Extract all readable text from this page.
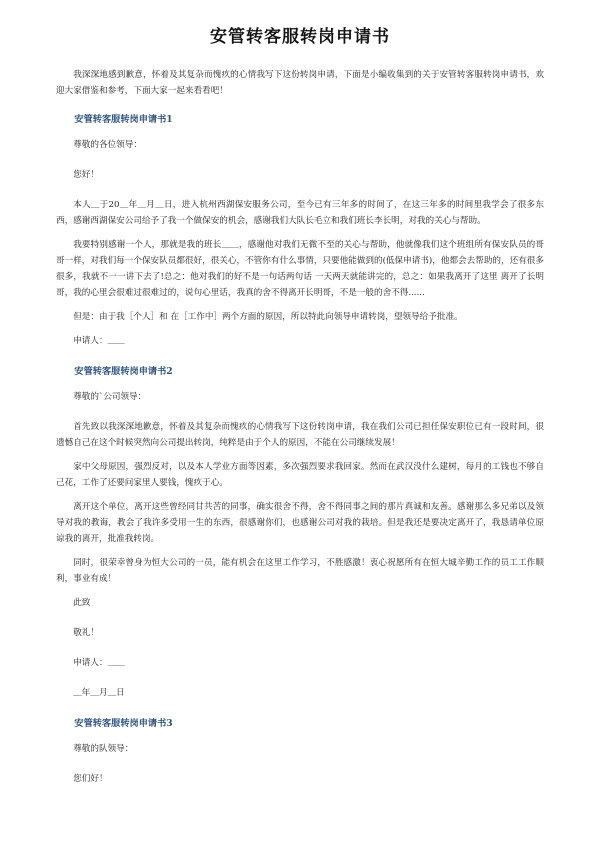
安管转客服转岗申请书

我深深地感到歉意，怀着及其复杂而愧疚的心情我写下这份转岗申请，下面是小编收集到的关于安管转客服转岗申请书，欢迎大家借鉴和参考，下面大家一起来看看吧！

安管转客服转岗申请书1
尊敬的各位领导：
您好！

本人＿于20＿年＿月＿日，进入杭州西湖保安服务公司，至今已有三年多的时间了，在这三年多的时间里我学会了很多东西，感谢西湖保安公司给予了我一个做保安的机会，感谢我们大队长毛立和我们班长李长明，对我的关心与帮助。

我要特别感谢一个人，那就是我的班长＿＿，感谢他对我们无微不至的关心与帮助，他就像我们这个班组所有保安队员的哥哥一样，对我们每一个保安队员都很好，很关心，不管你有什么事情，只要他能做到的(低保申请书)，他都会去帮助的，还有很多很多，我就不一一讲下去了!总之：他对我们的好不是一句话两句话 一天两天就能讲完的，总之：如果我离开了这里 离开了长明哥，我的心里会很难过很难过的，说句心里话，我真的舍不得离开长明哥，不是一般的舍不得......

但是：由于我［个人］和 在［工作中］两个方面的原因，所以特此向领导申请转岗，望领导给予批准。

申请人：＿＿
安管转客服转岗申请书2
尊敬的`公司领导：

首先致以我深深地歉意，怀着及其复杂而愧疚的心情我写下这份转岗申请，我在我们公司已担任保安职位已有一段时间，很遗憾自己在这个时候突然向公司提出转岗，纯粹是由于个人的原因，不能在公司继续发展！

家中父母原因，强烈反对，以及本人学业方面等因素，多次强烈要求我回家。然而在武汉没什么建树，每月的工钱也不够自己花，工作了还要问家里人要钱，愧疚于心。

离开这个单位，离开这些曾经同甘共苦的同事，确实很舍不得，舍不得同事之间的那片真诚和友善。感谢那么多兄弟以及领导对我的教诲，教会了我许多受用一生的东西，很感谢你们，也感谢公司对我的栽培。但是我还是要决定离开了，我恳请单位原谅我的离开，批准我转岗。

同时，很荣幸曾身为恒大公司的一员，能有机会在这里工作学习，不胜感激！衷心祝愿所有在恒大城辛勤工作的员工工作顺利，事业有成！

此致
敬礼！
申请人：＿＿
＿年＿月＿日
安管转客服转岗申请书3
尊敬的队领导：
您们好！
